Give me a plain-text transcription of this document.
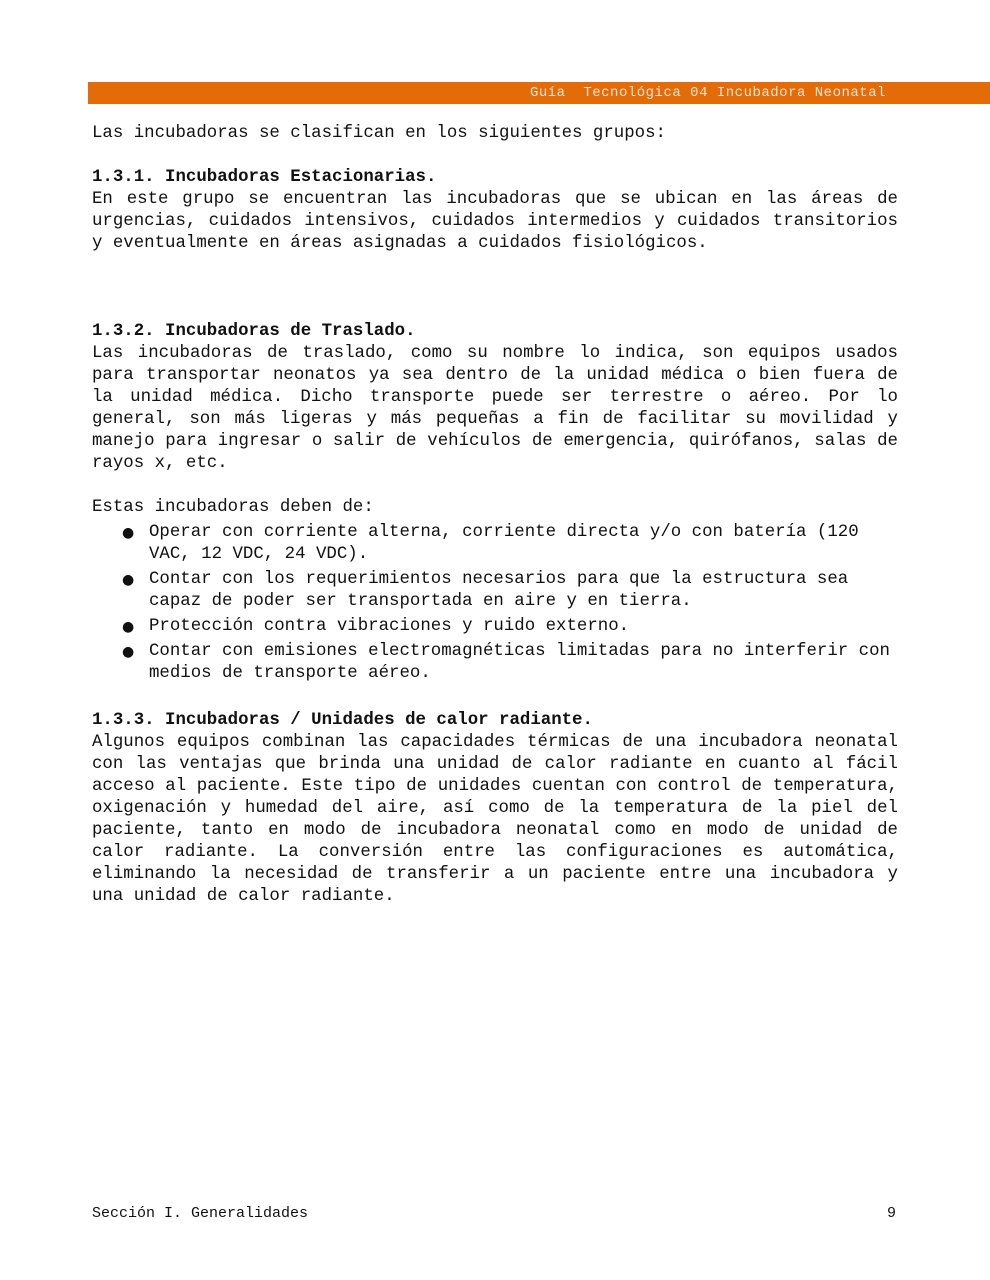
Guía  Tecnológica 04 Incubadora Neonatal

Las incubadoras se clasifican en los siguientes grupos:

1.3.1. Incubadoras Estacionarias.

En este grupo se encuentran las incubadoras que se ubican en las áreas de urgencias, cuidados intensivos, cuidados intermedios y cuidados transitorios y eventualmente en áreas asignadas a cuidados fisiológicos.

1.3.2. Incubadoras de Traslado.

Las incubadoras de traslado, como su nombre lo indica, son equipos usados para transportar neonatos ya sea dentro de la unidad médica o bien fuera de la unidad médica. Dicho transporte puede ser terrestre o aéreo. Por lo general, son más ligeras y más pequeñas a fin de facilitar su movilidad y manejo para ingresar o salir de vehículos de emergencia, quirófanos, salas de rayos x, etc.

Estas incubadoras deben de:

● Operar con corriente alterna, corriente directa y/o con batería (120 VAC, 12 VDC, 24 VDC).
● Contar con los requerimientos necesarios para que la estructura sea capaz de poder ser transportada en aire y en tierra.
● Protección contra vibraciones y ruido externo.
● Contar con emisiones electromagnéticas limitadas para no interferir con medios de transporte aéreo.
1.3.3. Incubadoras / Unidades de calor radiante.

Algunos equipos combinan las capacidades térmicas de una incubadora neonatal con las ventajas que brinda una unidad de calor radiante en cuanto al fácil acceso al paciente. Este tipo de unidades cuentan con control de temperatura, oxigenación y humedad del aire, así como de la temperatura de la piel del paciente, tanto en modo de incubadora neonatal como en modo de unidad de calor radiante. La conversión entre las configuraciones es automática, eliminando la necesidad de transferir a un paciente entre una incubadora y una unidad de calor radiante.

Sección I. Generalidades	9
